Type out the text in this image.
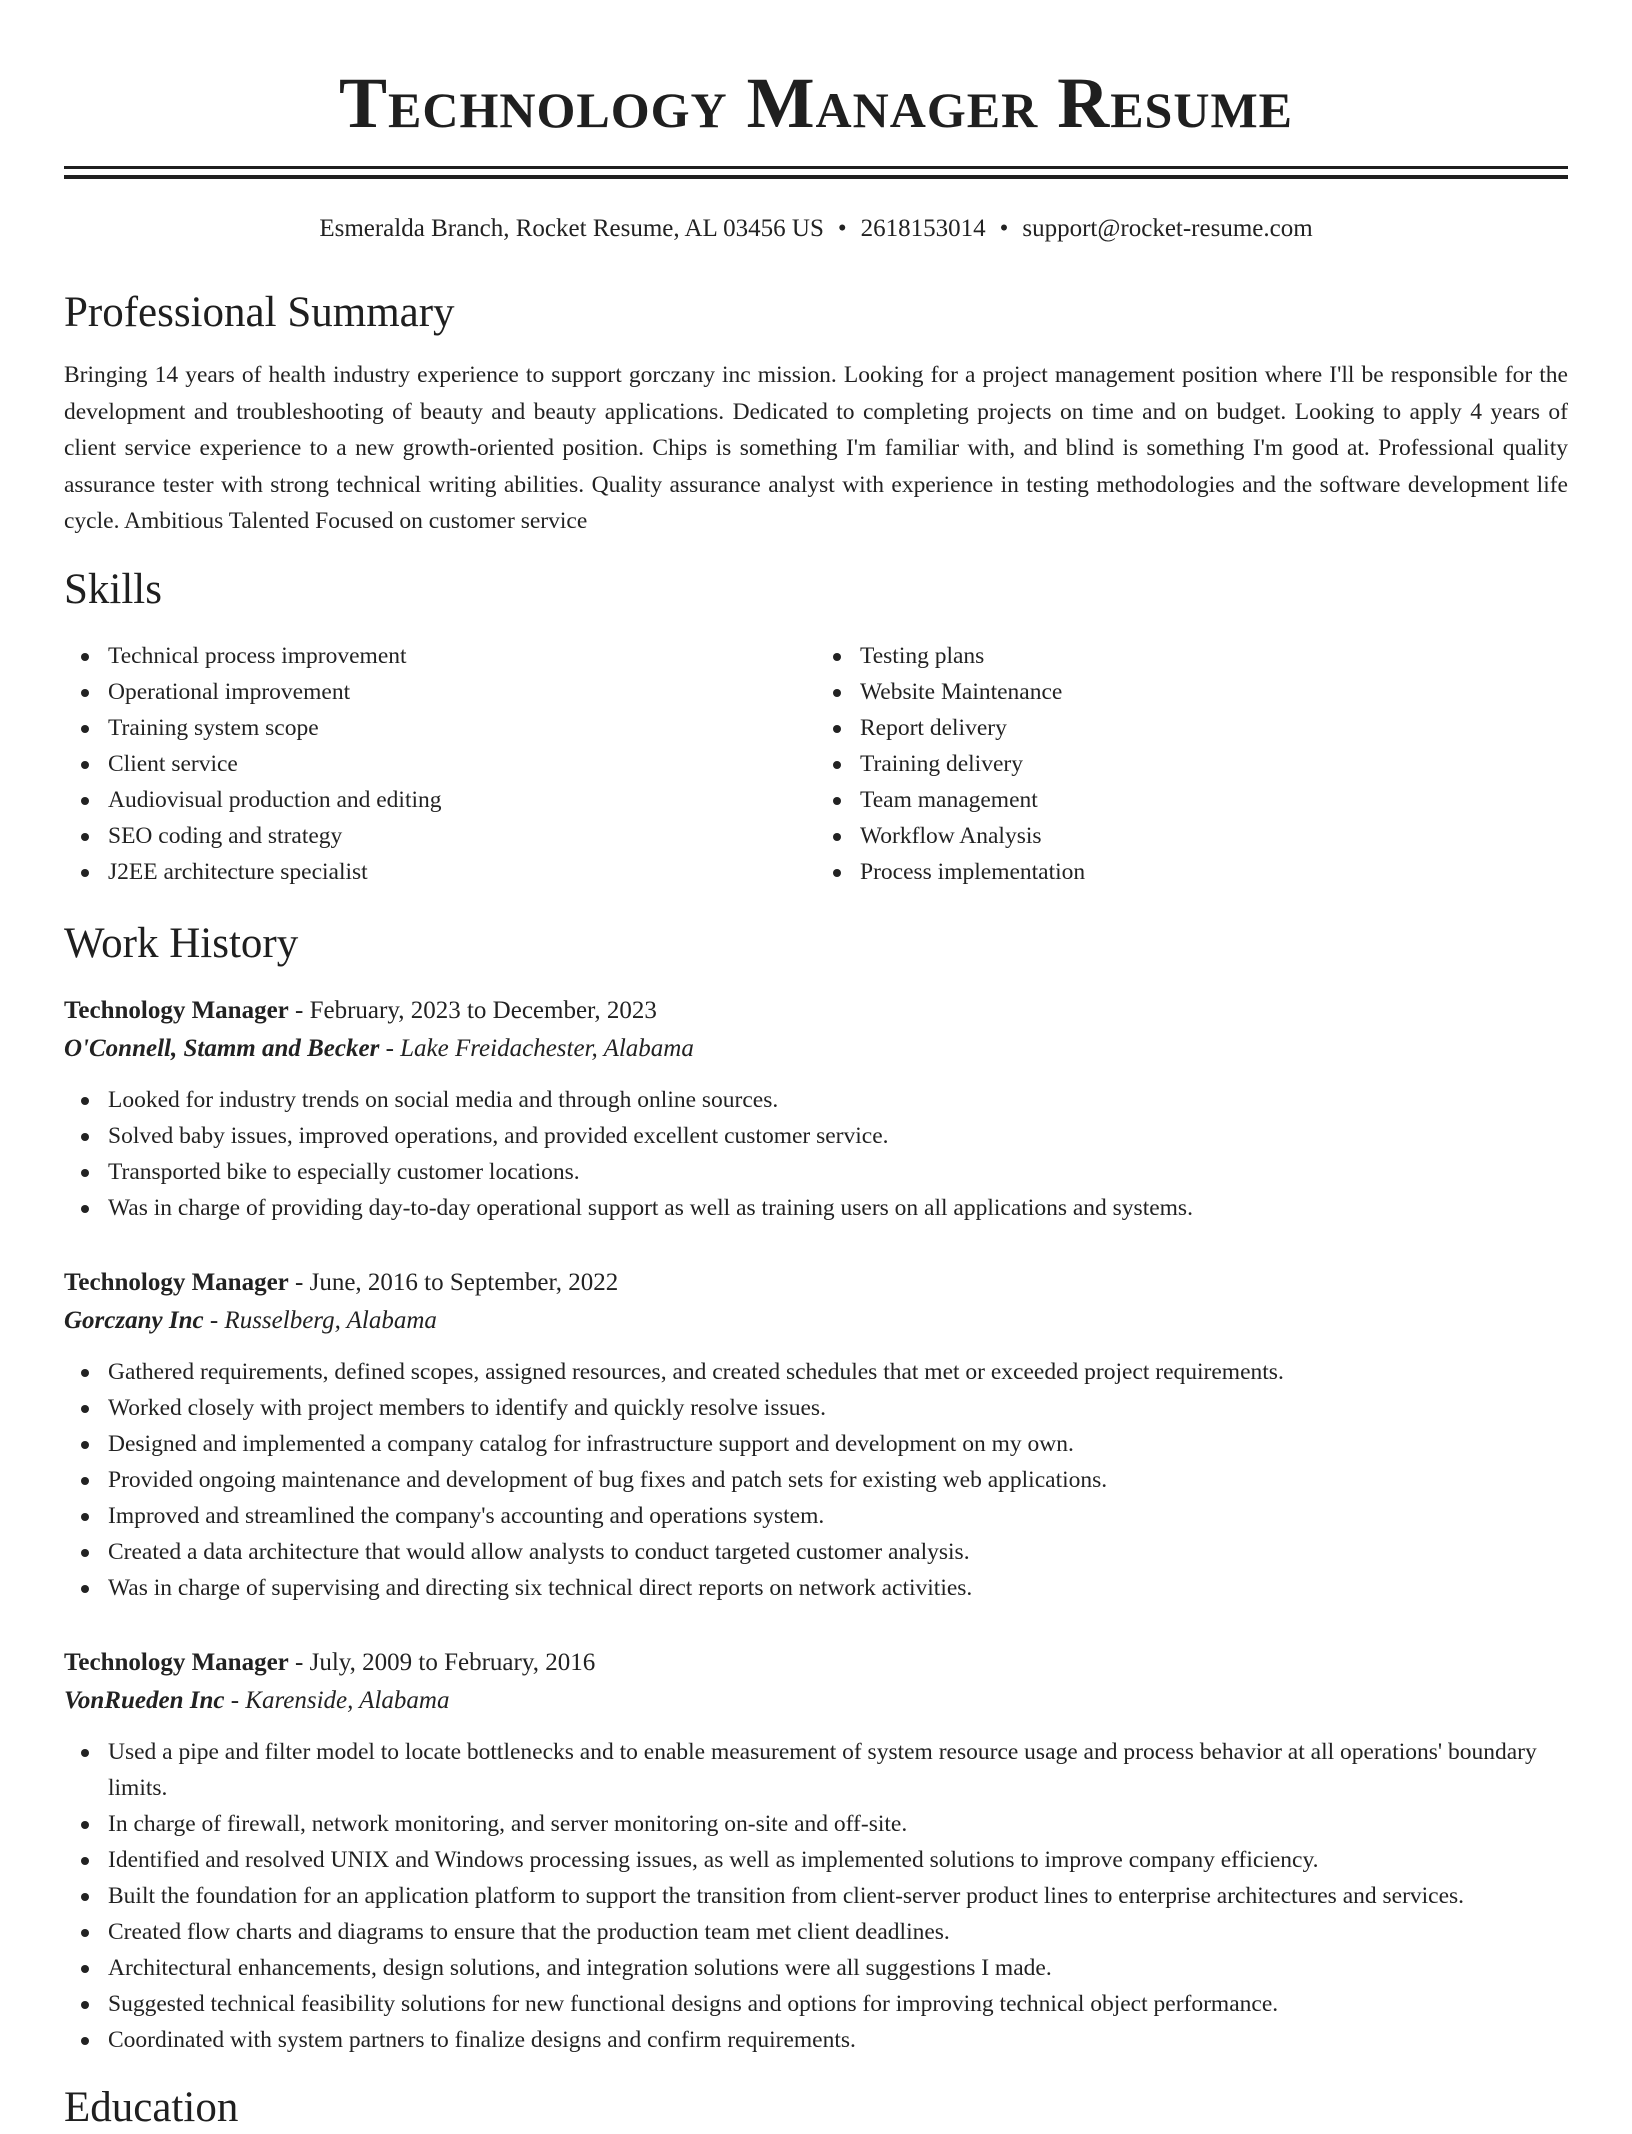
Technology Manager Resume
Esmeralda Branch, Rocket Resume, AL 03456 US • 2618153014 • support@rocket-resume.com
Professional Summary
Bringing 14 years of health industry experience to support gorczany inc mission. Looking for a project management position where I'll be responsible for the development and troubleshooting of beauty and beauty applications. Dedicated to completing projects on time and on budget. Looking to apply 4 years of client service experience to a new growth-oriented position. Chips is something I'm familiar with, and blind is something I'm good at. Professional quality assurance tester with strong technical writing abilities. Quality assurance analyst with experience in testing methodologies and the software development life cycle. Ambitious Talented Focused on customer service
Skills
Technical process improvement
Operational improvement
Training system scope
Client service
Audiovisual production and editing
SEO coding and strategy
J2EE architecture specialist
Testing plans
Website Maintenance
Report delivery
Training delivery
Team management
Workflow Analysis
Process implementation
Work History
Technology Manager - February, 2023 to December, 2023
O'Connell, Stamm and Becker - Lake Freidachester, Alabama
Looked for industry trends on social media and through online sources.
Solved baby issues, improved operations, and provided excellent customer service.
Transported bike to especially customer locations.
Was in charge of providing day-to-day operational support as well as training users on all applications and systems.
Technology Manager - June, 2016 to September, 2022
Gorczany Inc - Russelberg, Alabama
Gathered requirements, defined scopes, assigned resources, and created schedules that met or exceeded project requirements.
Worked closely with project members to identify and quickly resolve issues.
Designed and implemented a company catalog for infrastructure support and development on my own.
Provided ongoing maintenance and development of bug fixes and patch sets for existing web applications.
Improved and streamlined the company's accounting and operations system.
Created a data architecture that would allow analysts to conduct targeted customer analysis.
Was in charge of supervising and directing six technical direct reports on network activities.
Technology Manager - July, 2009 to February, 2016
VonRueden Inc - Karenside, Alabama
Used a pipe and filter model to locate bottlenecks and to enable measurement of system resource usage and process behavior at all operations' boundary limits.
In charge of firewall, network monitoring, and server monitoring on-site and off-site.
Identified and resolved UNIX and Windows processing issues, as well as implemented solutions to improve company efficiency.
Built the foundation for an application platform to support the transition from client-server product lines to enterprise architectures and services.
Created flow charts and diagrams to ensure that the production team met client deadlines.
Architectural enhancements, design solutions, and integration solutions were all suggestions I made.
Suggested technical feasibility solutions for new functional designs and options for improving technical object performance.
Coordinated with system partners to finalize designs and confirm requirements.
Education
